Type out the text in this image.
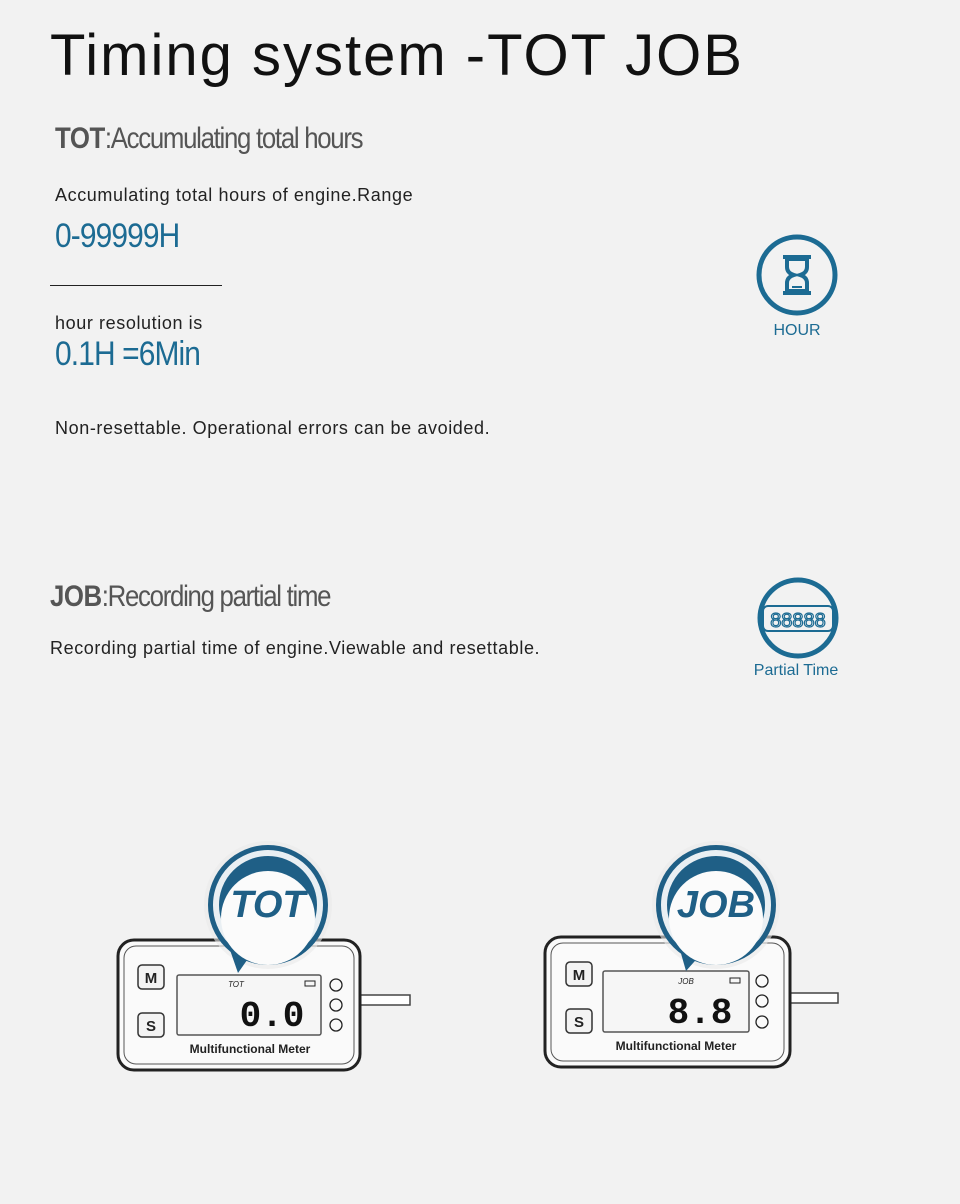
Timing system -TOT JOB
TOT:Accumulating total hours
Accumulating total hours of engine.Range
0-99999H
hour resolution is
0.1H =6Min
Non-resettable. Operational errors can be avoided.
HOUR
JOB:Recording partial time
Recording partial time of engine.Viewable and resettable.
88888
Partial Time
M
S
TOT
0.0
Multifunctional Meter
TOT
M
S
JOB
8.8
Multifunctional Meter
JOB
